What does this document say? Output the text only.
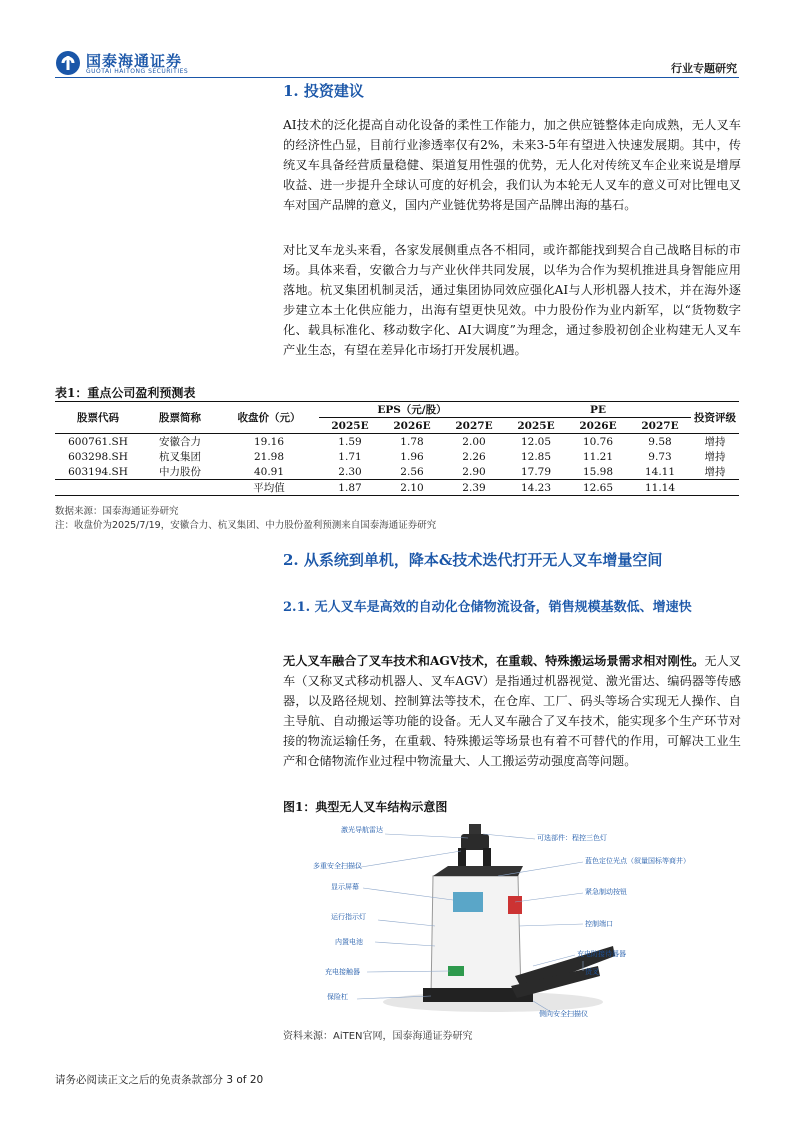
国泰海通证券
GUOTAI HAITONG SECURITIES	行业专题研究
1. 投资建议
AI技术的泛化提高自动化设备的柔性工作能力，加之供应链整体走向成熟，无人叉车的经济性凸显，目前行业渗透率仅有2%，未来3-5年有望进入快速发展期。其中，传统叉车具备经营质量稳健、渠道复用性强的优势，无人化对传统叉车企业来说是增厚收益、进一步提升全球认可度的好机会，我们认为本轮无人叉车的意义可对比锂电叉车对国产品牌的意义，国内产业链优势将是国产品牌出海的基石。
对比叉车龙头来看，各家发展侧重点各不相同，或许都能找到契合自己战略目标的市场。具体来看，安徽合力与产业伙伴共同发展，以华为合作为契机推进具身智能应用落地。杭叉集团机制灵活，通过集团协同效应强化AI与人形机器人技术，并在海外逐步建立本土化供应能力，出海有望更快见效。中力股份作为业内新军，以“货物数字化、载具标准化、移动数字化、AI大调度”为理念，通过参股初创企业构建无人叉车产业生态，有望在差异化市场打开发展机遇。
表1：重点公司盈利预测表
股票代码	股票简称	收盘价（元）	EPS（元/股）			PE			投资评级
			2025E	2026E	2027E	2025E	2026E	2027E	
600761.SH	安徽合力	19.16	1.59	1.78	2.00	12.05	10.76	9.58	增持
603298.SH	杭叉集团	21.98	1.71	1.96	2.26	12.85	11.21	9.73	增持
603194.SH	中力股份	40.91	2.30	2.56	2.90	17.79	15.98	14.11	增持
		平均值	1.87	2.10	2.39	14.23	12.65	11.14	
数据来源：国泰海通证券研究
注：收盘价为2025/7/19，安徽合力、杭叉集团、中力股份盈利预测来自国泰海通证券研究
2. 从系统到单机，降本&技术迭代打开无人叉车增量空间
2.1. 无人叉车是高效的自动化仓储物流设备，销售规模基数低、增速快
无人叉车融合了叉车技术和AGV技术，在重载、特殊搬运场景需求相对刚性。无人叉车（又称叉式移动机器人、叉车AGV）是指通过机器视觉、激光雷达、编码器等传感器，以及路径规划、控制算法等技术，在仓库、工厂、码头等场合实现无人操作、自主导航、自动搬运等功能的设备。无人叉车融合了叉车技术，能实现多个生产环节对接的物流运输任务，在重载、特殊搬运等场景也有着不可替代的作用，可解决工业生产和仓储物流作业过程中物流量大、人工搬运劳动强度高等问题。
图1：典型无人叉车结构示意图
激光导航雷达
多重安全扫描仪
显示屏幕
运行指示灯
内置电池
充电接触器
保险杠
可选部件：程控三色灯
蓝色定位光点（叙量国标等商井）
紧急制动按钮
控制端口
充电防接待器器
货叉
侧向安全扫描仪
资料来源：AiTEN官网，国泰海通证券研究
请务必阅读正文之后的免责条款部分 3 of 20
